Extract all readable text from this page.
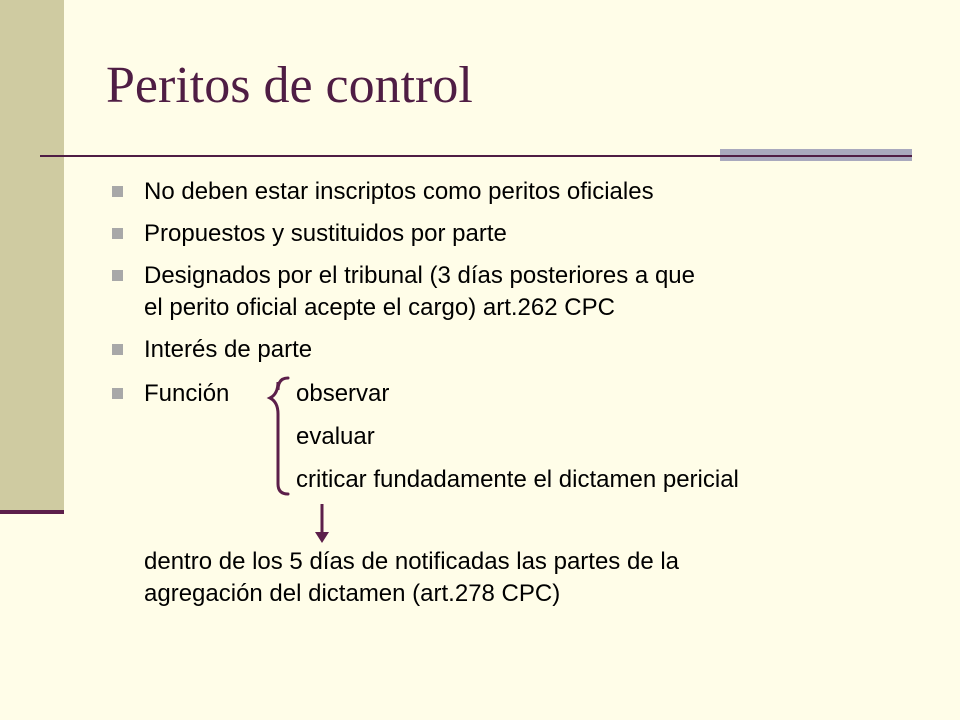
Peritos de control
No deben estar inscriptos como peritos oficiales
Propuestos y sustituidos por parte
Designados por el tribunal (3 días posteriores a que
el perito oficial acepte el cargo) art.262 CPC
Interés de parte
Función	observar
evaluar
criticar fundadamente el dictamen pericial
dentro de los 5 días de notificadas las partes de la
agregación del dictamen (art.278 CPC)
